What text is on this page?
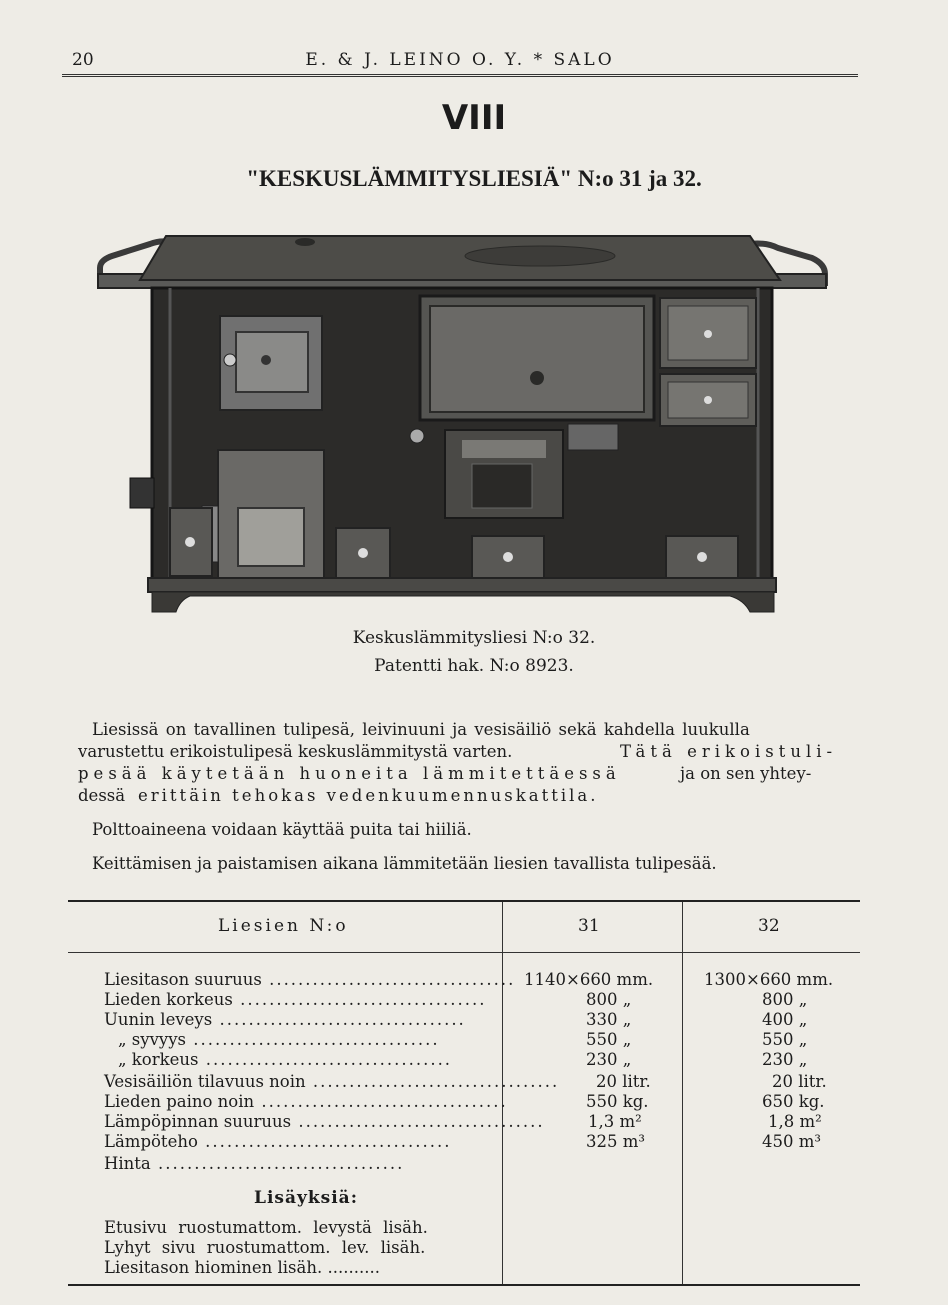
20	E. & J. LEINO O. Y. * SALO
VIII
"KESKUSLÄMMITYSLIESIÄ" N:o 31 ja 32.
Keskuslämmitysliesi N:o 32.
Patentti hak. N:o 8923.
Liesissä on tavallinen tulipesä, leivinuuni ja vesisäiliö sekä kahdella luukulla
varustettu erikoistulipesä keskuslämmitystä varten.	Tätä erikoistuli-
pesää käytetään huoneita lämmitettäessä	ja on sen yhtey-
dessä erittäin tehokas vedenkuumennuskattila.
Polttoaineena voidaan käyttää puita tai hiiliä.
Keittämisen ja paistamisen aikana lämmitetään liesien tavallista tulipesää.
Liesien N:o	31	32
Liesitason suuruus .................................. 1140×660 mm.	1300×660 mm.
Lieden korkeus ..................................	800 „	800 „
Uunin leveys ..................................	330 „	400 „
„ syvyys ..................................	550 „	550 „
„ korkeus ..................................	230 „	230 „
Vesisäiliön tilavuus noin .................................. 20 litr.	20 litr.
Lieden paino noin ..................................	550 kg.	650 kg.
Lämpöpinnan suuruus ..................................	1,3 m²	1,8 m²
Lämpöteho ..................................	325 m³	450 m³
Hinta ..................................
Lisäyksiä:
Etusivu ruostumattom. levystä lisäh.
Lyhyt sivu ruostumattom. lev. lisäh.
Liesitason hiominen lisäh. ..........
